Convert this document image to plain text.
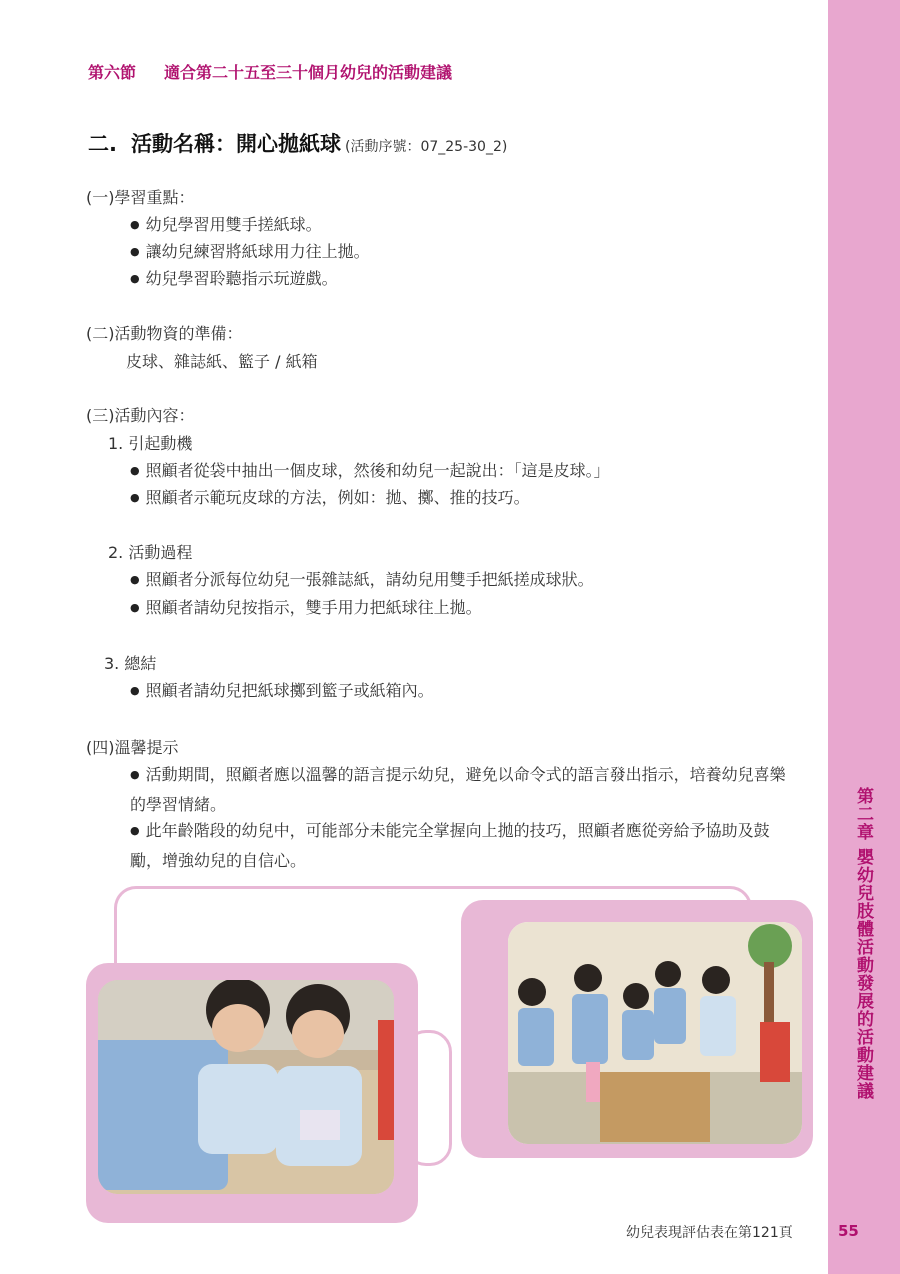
第二章 嬰幼兒肢體活動發展的活動建議
第六節 適合第二十五至三十個月幼兒的活動建議
二. 活動名稱：開心拋紙球 (活動序號：07_25-30_2)
(一)學習重點：
● 幼兒學習用雙手搓紙球。
● 讓幼兒練習將紙球用力往上拋。
● 幼兒學習聆聽指示玩遊戲。
(二)活動物資的準備：
皮球、雜誌紙、籃子 / 紙箱
(三)活動內容：
1. 引起動機
● 照顧者從袋中抽出一個皮球，然後和幼兒一起說出：「這是皮球。」
● 照顧者示範玩皮球的方法，例如：拋、擲、推的技巧。
2. 活動過程
● 照顧者分派每位幼兒一張雜誌紙，請幼兒用雙手把紙搓成球狀。
● 照顧者請幼兒按指示，雙手用力把紙球往上拋。
3. 總結
● 照顧者請幼兒把紙球擲到籃子或紙箱內。
(四)溫馨提示
● 活動期間，照顧者應以溫馨的語言提示幼兒，避免以命令式的語言發出指示，培養幼兒喜樂的學習情緒。
● 此年齡階段的幼兒中，可能部分未能完全掌握向上拋的技巧，照顧者應從旁給予協助及鼓勵，增強幼兒的自信心。
幼兒表現評估表在第121頁	55
